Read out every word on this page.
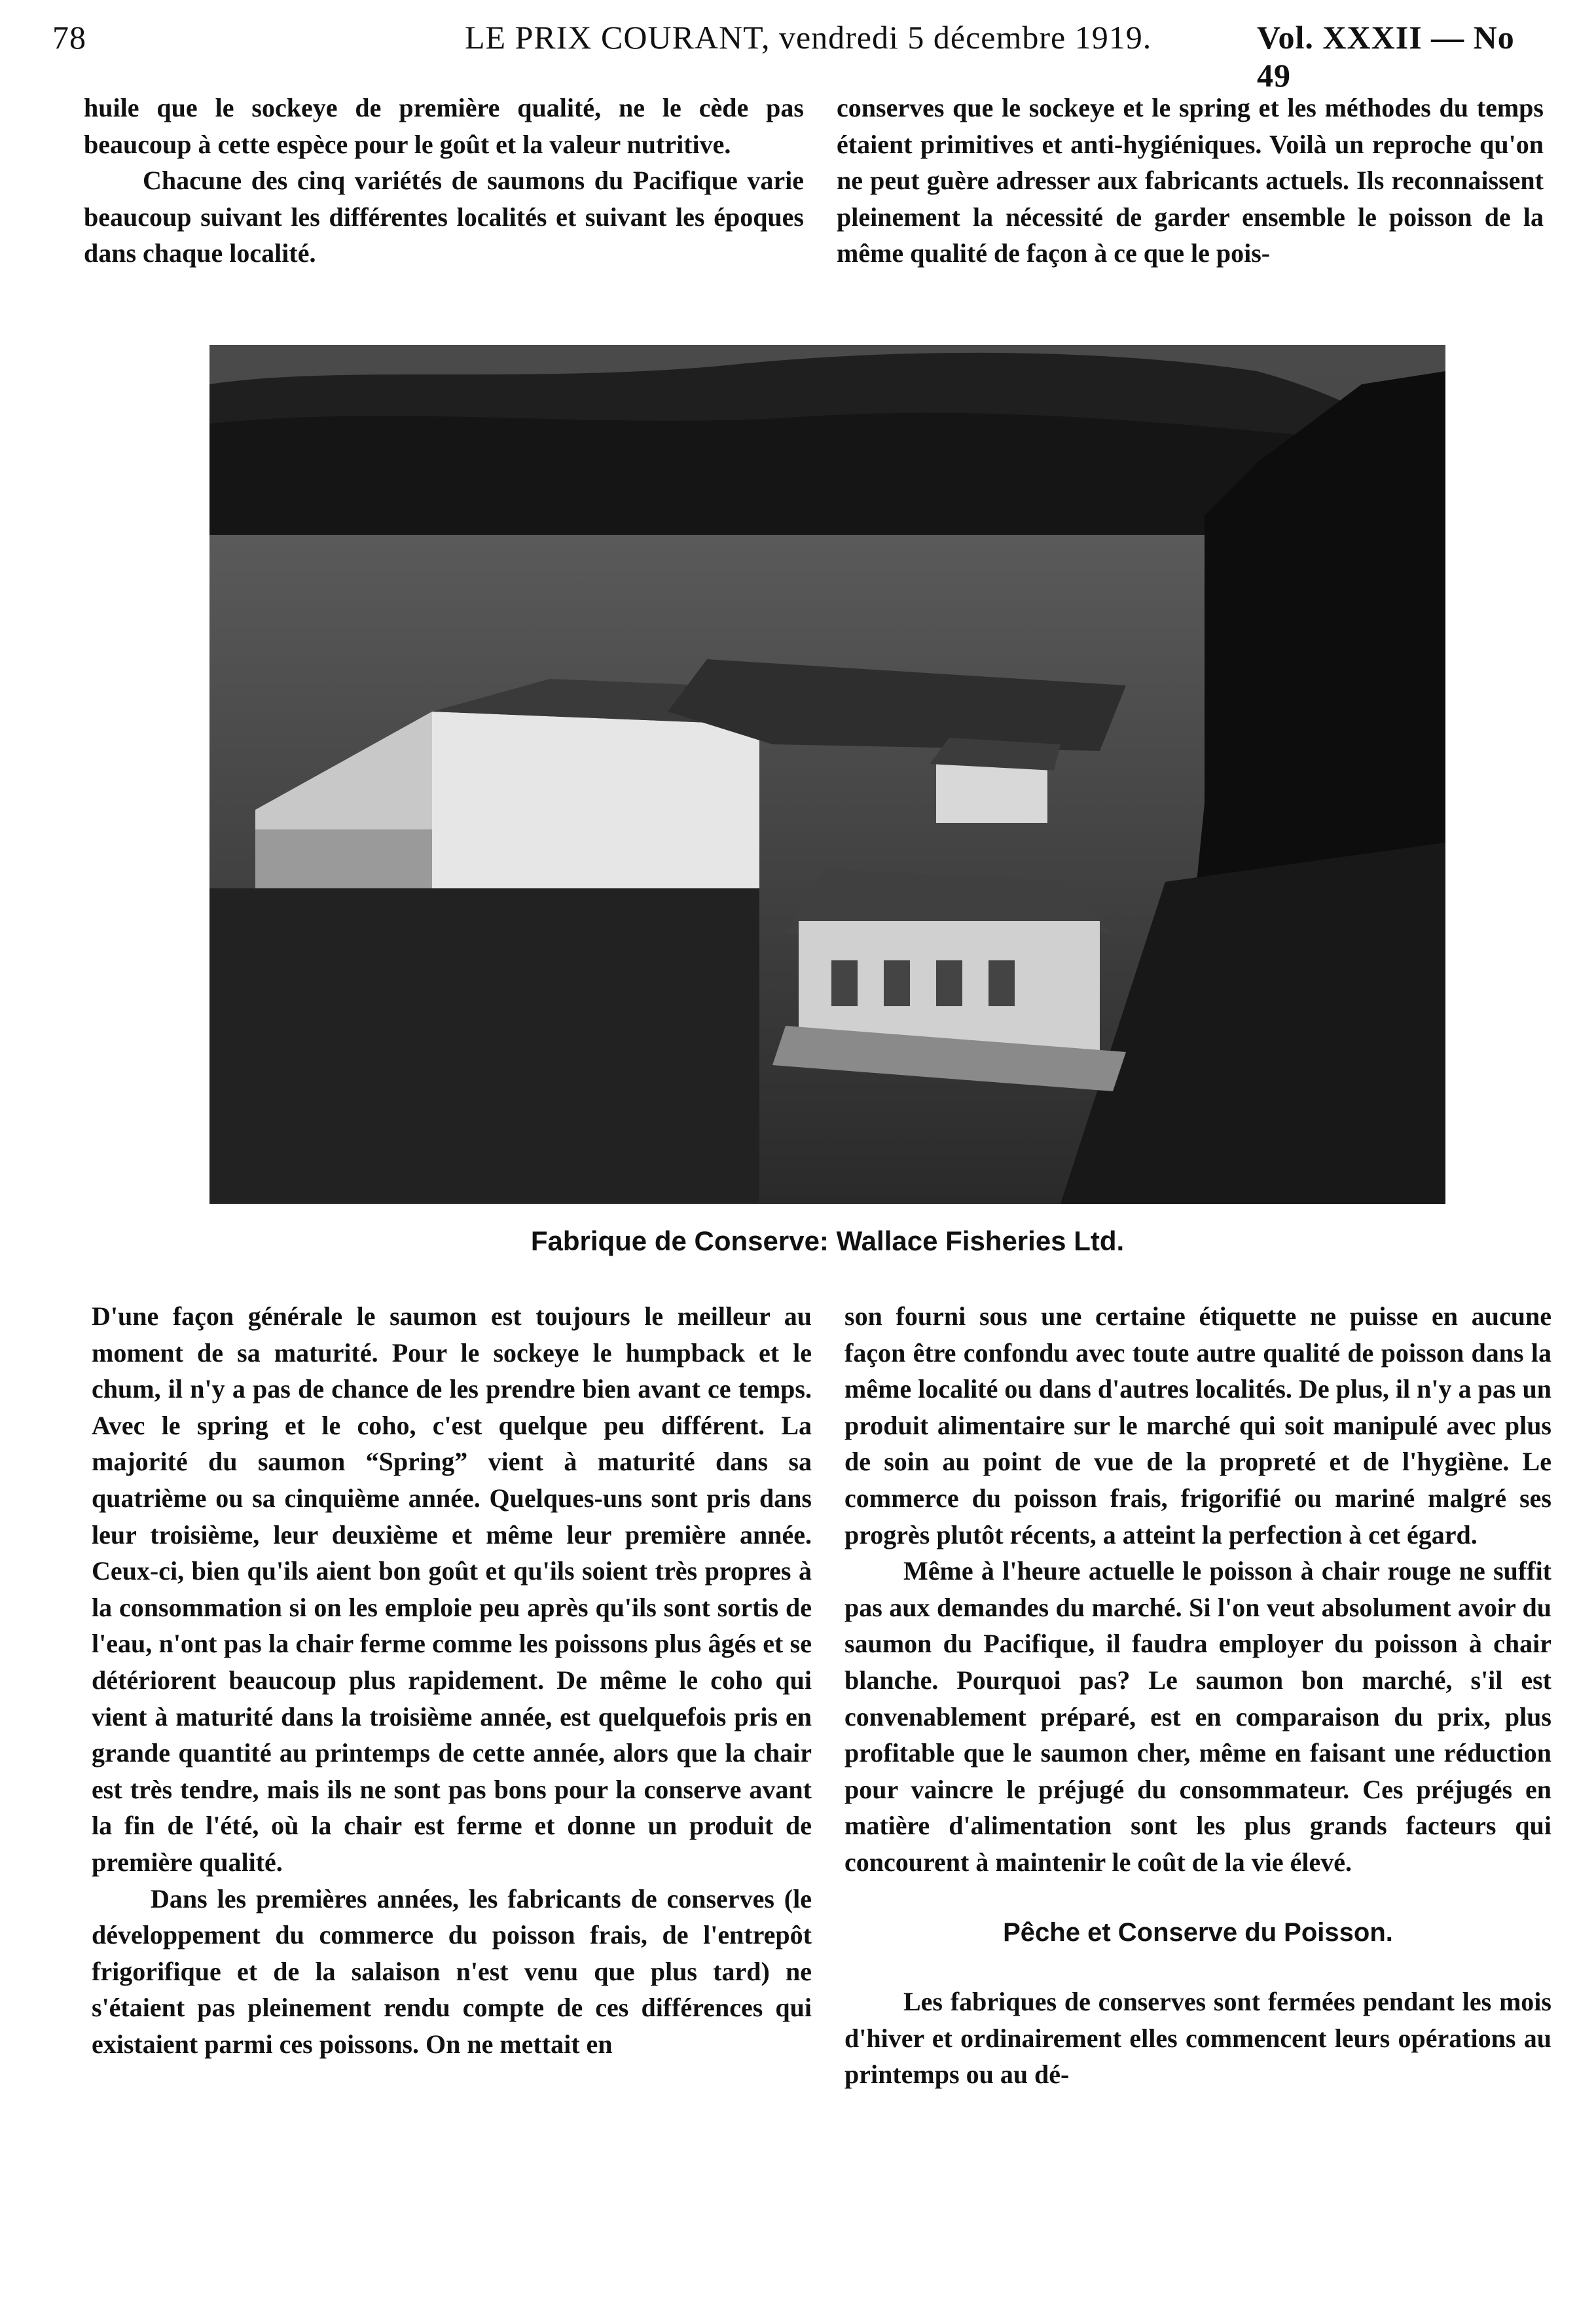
78	LE PRIX COURANT, vendredi 5 décembre 1919.	Vol. XXXII — No 49

huile que le sockeye de première qualité, ne le cède pas beaucoup à cette espèce pour le goût et la valeur nutritive.

Chacune des cinq variétés de saumons du Pacifique varie beaucoup suivant les différentes localités et suivant les époques dans chaque localité.

conserves que le sockeye et le spring et les méthodes du temps étaient primitives et anti-hygiéniques. Voilà un reproche qu'on ne peut guère adresser aux fabricants actuels. Ils reconnaissent pleinement la nécessité de garder ensemble le poisson de la même qualité de façon à ce que le pois-

Fabrique de Conserve: Wallace Fisheries Ltd.

D'une façon générale le saumon est toujours le meilleur au moment de sa maturité. Pour le sockeye le humpback et le chum, il n'y a pas de chance de les prendre bien avant ce temps. Avec le spring et le coho, c'est quelque peu différent. La majorité du saumon “Spring” vient à maturité dans sa quatrième ou sa cinquième année. Quelques-uns sont pris dans leur troisième, leur deuxième et même leur première année. Ceux-ci, bien qu'ils aient bon goût et qu'ils soient très propres à la consommation si on les emploie peu après qu'ils sont sortis de l'eau, n'ont pas la chair ferme comme les poissons plus âgés et se détériorent beaucoup plus rapidement. De même le coho qui vient à maturité dans la troisième année, est quelquefois pris en grande quantité au printemps de cette année, alors que la chair est très tendre, mais ils ne sont pas bons pour la conserve avant la fin de l'été, où la chair est ferme et donne un produit de première qualité.

Dans les premières années, les fabricants de conserves (le développement du commerce du poisson frais, de l'entrepôt frigorifique et de la salaison n'est venu que plus tard) ne s'étaient pas pleinement rendu compte de ces différences qui existaient parmi ces poissons. On ne mettait en

son fourni sous une certaine étiquette ne puisse en aucune façon être confondu avec toute autre qualité de poisson dans la même localité ou dans d'autres localités. De plus, il n'y a pas un produit alimentaire sur le marché qui soit manipulé avec plus de soin au point de vue de la propreté et de l'hygiène. Le commerce du poisson frais, frigorifié ou mariné malgré ses progrès plutôt récents, a atteint la perfection à cet égard.

Même à l'heure actuelle le poisson à chair rouge ne suffit pas aux demandes du marché. Si l'on veut absolument avoir du saumon du Pacifique, il faudra employer du poisson à chair blanche. Pourquoi pas? Le saumon bon marché, s'il est convenablement préparé, est en comparaison du prix, plus profitable que le saumon cher, même en faisant une réduction pour vaincre le préjugé du consommateur. Ces préjugés en matière d'alimentation sont les plus grands facteurs qui concourent à maintenir le coût de la vie élevé.

Pêche et Conserve du Poisson.

Les fabriques de conserves sont fermées pendant les mois d'hiver et ordinairement elles commencent leurs opérations au printemps ou au dé-
